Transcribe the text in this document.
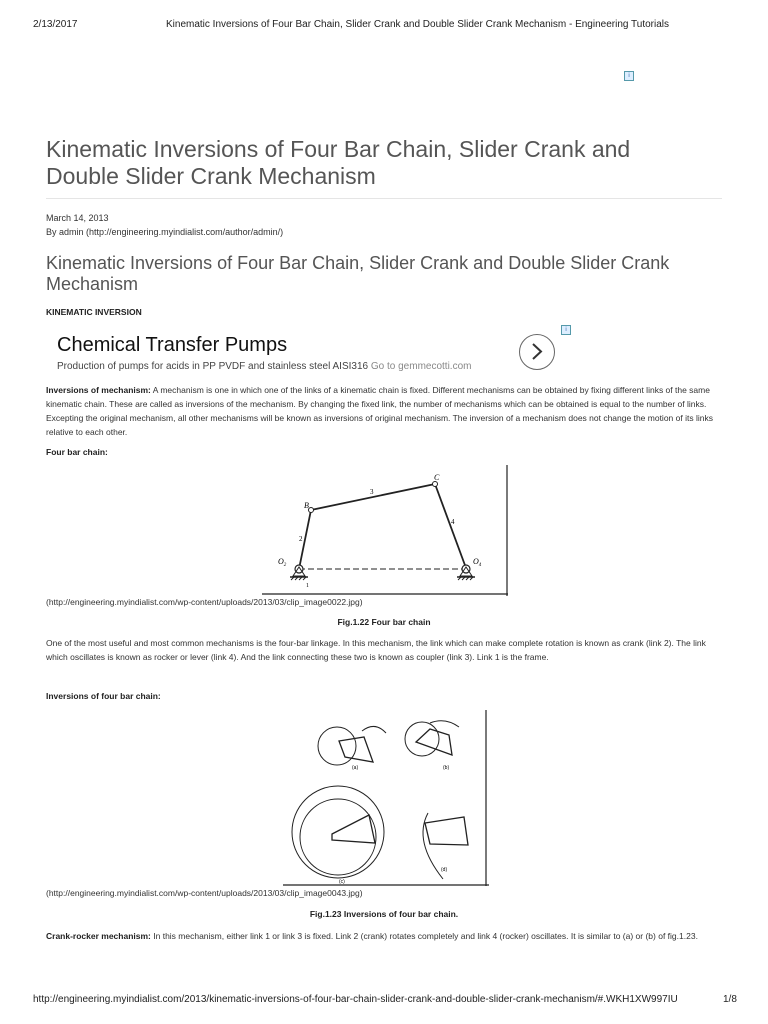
2/13/2017	Kinematic Inversions of Four Bar Chain, Slider Crank and Double Slider Crank Mechanism - Engineering Tutorials
i
Kinematic Inversions of Four Bar Chain, Slider Crank and Double Slider Crank Mechanism
March 14, 2013
By admin (http://engineering.myindialist.com/author/admin/)
Kinematic Inversions of Four Bar Chain, Slider Crank and Double Slider Crank Mechanism
KINEMATIC INVERSION
i
Chemical Transfer Pumps
Production of pumps for acids in PP PVDF and stainless steel AISI316 Go to gemmecotti.com
Inversions of mechanism: A mechanism is one in which one of the links of a kinematic chain is fixed. Different mechanisms can be obtained by fixing different links of the same kinematic chain. These are called as inversions of the mechanism. By changing the fixed link, the number of mechanisms which can be obtained is equal to the number of links. Excepting the original mechanism, all other mechanisms will be known as inversions of original mechanism. The inversion of a mechanism does not change the motion of its links relative to each other.
Four bar chain:
B
C
3
2
4
1
$O_2$	$O_4$
(http://engineering.myindialist.com/wp-content/uploads/2013/03/clip_image0022.jpg)
Fig.1.22 Four bar chain
One of the most useful and most common mechanisms is the four-bar linkage. In this mechanism, the link which can make complete rotation is known as crank (link 2). The link which oscillates is known as rocker or lever (link 4). And the link connecting these two is known as coupler (link 3). Link 1 is the frame.
Inversions of four bar chain:
(a)	(b)
(c)
(d)
(http://engineering.myindialist.com/wp-content/uploads/2013/03/clip_image0043.jpg)
Fig.1.23 Inversions of four bar chain.
Crank-rocker mechanism: In this mechanism, either link 1 or link 3 is fixed. Link 2 (crank) rotates completely and link 4 (rocker) oscillates. It is similar to (a) or (b) of fig.1.23.
http://engineering.myindialist.com/2013/kinematic-inversions-of-four-bar-chain-slider-crank-and-double-slider-crank-mechanism/#.WKH1XW997IU	1/8
